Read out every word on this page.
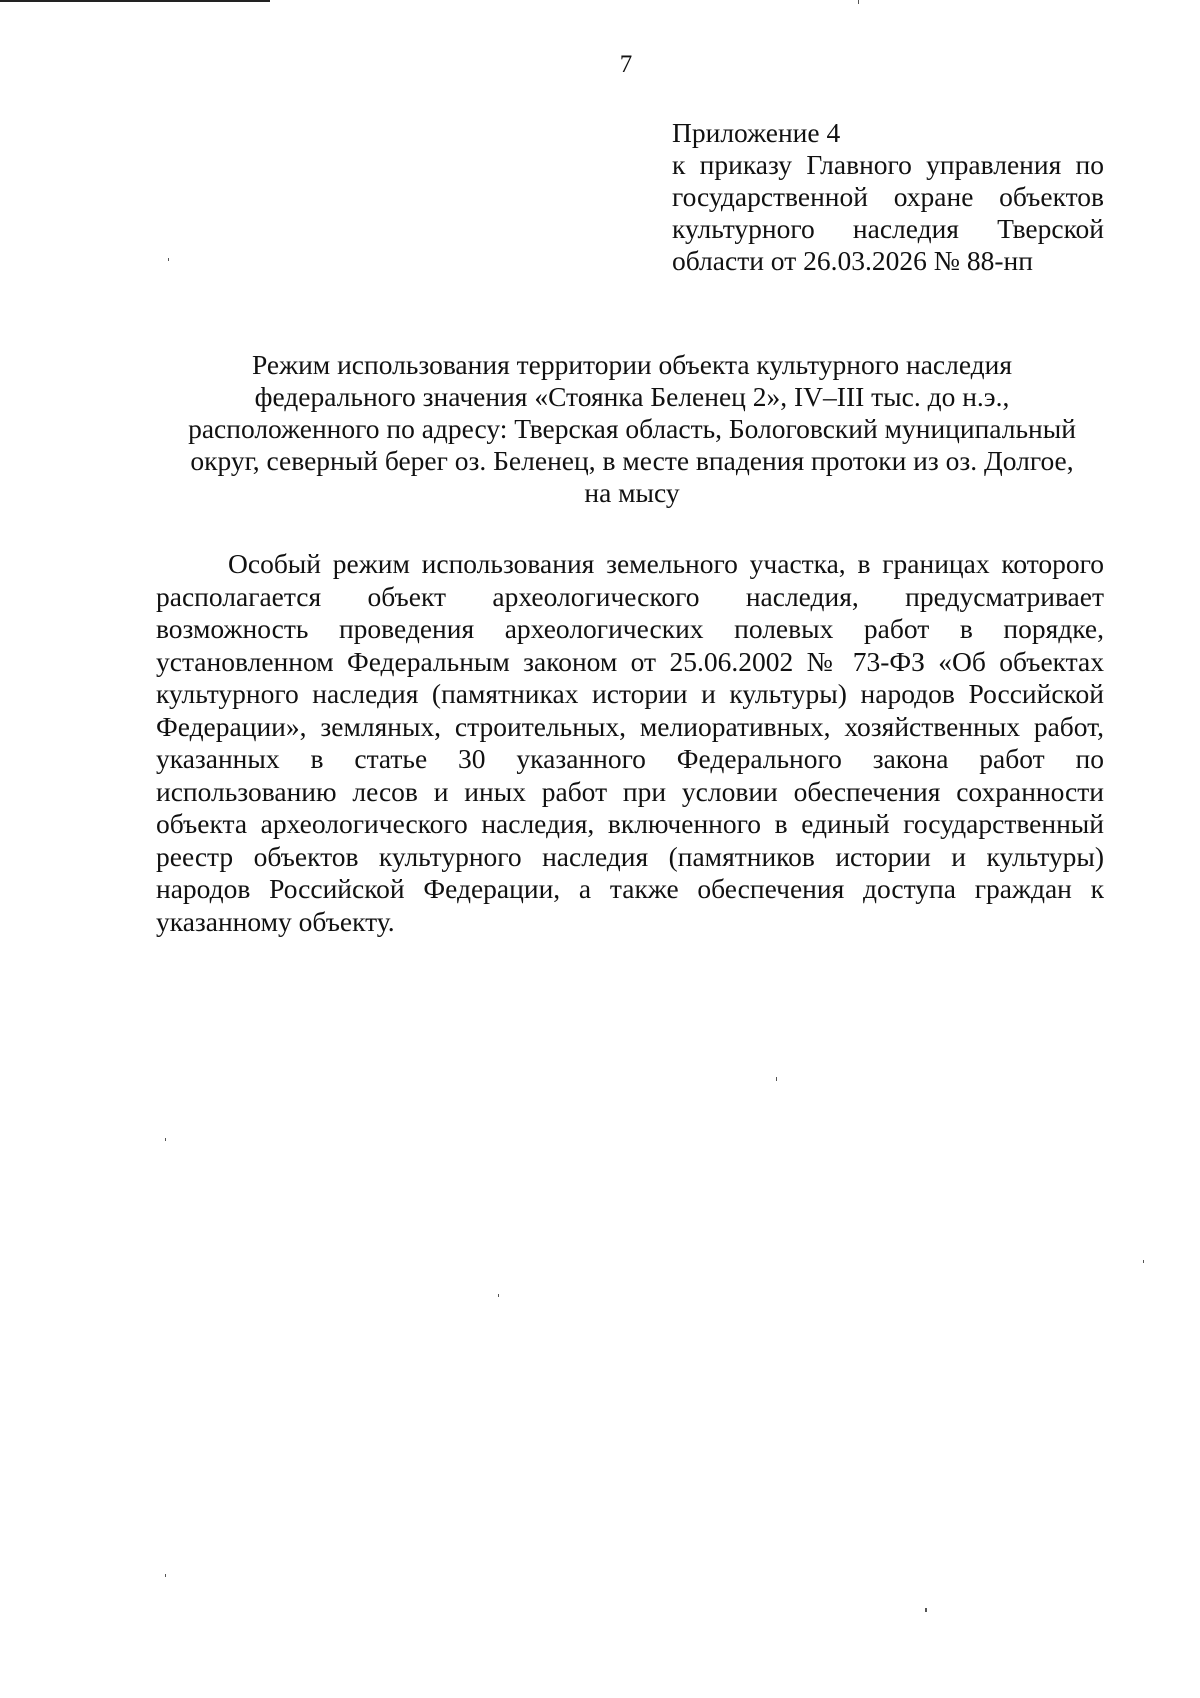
7
Приложение 4
к приказу Главного управления по
государственной охране объектов
культурного наследия Тверской
области от 26.03.2026 № 88-нп
Режим использования территории объекта культурного наследия
федерального значения «Стоянка Беленец 2», IV–III тыс. до н.э.,
расположенного по адресу: Тверская область, Бологовский муниципальный
округ, северный берег оз. Беленец, в месте впадения протоки из оз. Долгое,
на мысу
Особый режим использования земельного участка, в границах которого
располагается объект археологического наследия, предусматривает
возможность проведения археологических полевых работ в порядке,
установленном Федеральным законом от 25.06.2002 № 73-ФЗ «Об объектах
культурного наследия (памятниках истории и культуры) народов Российской
Федерации», земляных, строительных, мелиоративных, хозяйственных работ,
указанных в статье 30 указанного Федерального закона работ по
использованию лесов и иных работ при условии обеспечения сохранности
объекта археологического наследия, включенного в единый государственный
реестр объектов культурного наследия (памятников истории и культуры)
народов Российской Федерации, а также обеспечения доступа граждан к
указанному объекту.
